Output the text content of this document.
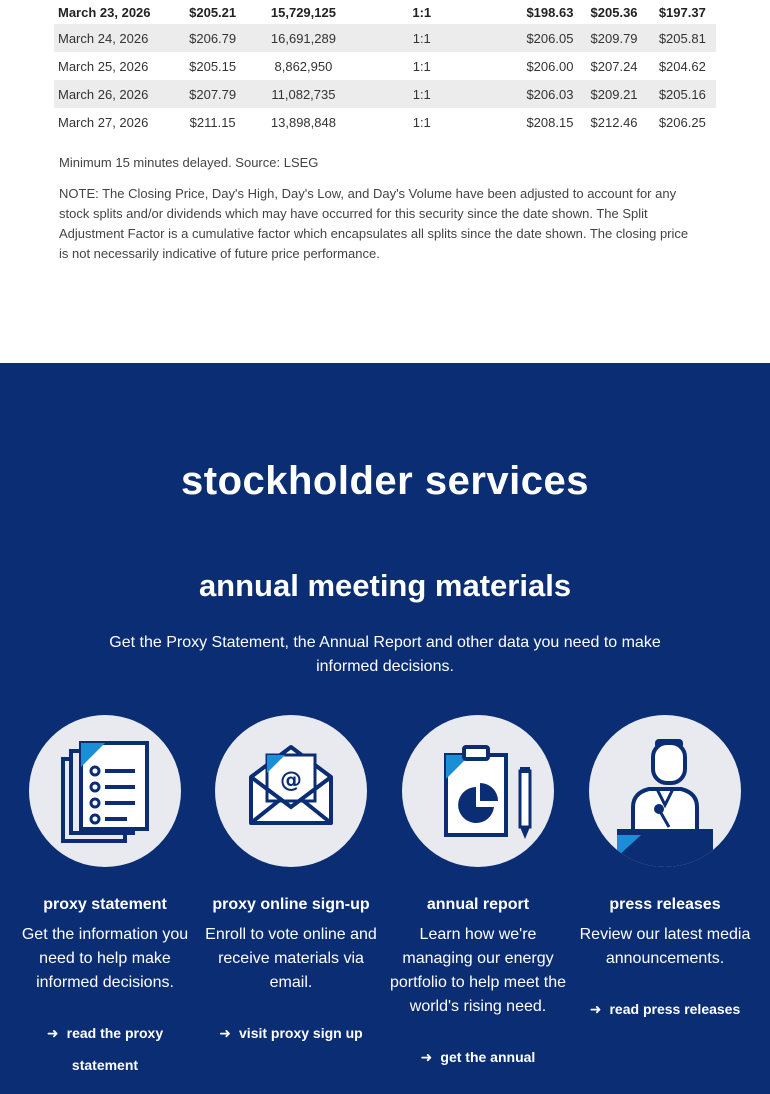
March 23, 2026	$205.21	15,729,125	1:1	$198.63	$205.36	$197.37
March 24, 2026	$206.79	16,691,289	1:1	$206.05	$209.79	$205.81
March 25, 2026	$205.15	8,862,950	1:1	$206.00	$207.24	$204.62
March 26, 2026	$207.79	11,082,735	1:1	$206.03	$209.21	$205.16
March 27, 2026	$211.15	13,898,848	1:1	$208.15	$212.46	$206.25
Minimum 15 minutes delayed. Source: LSEG
NOTE: The Closing Price, Day's High, Day's Low, and Day's Volume have been adjusted to account for any stock splits and/or dividends which may have occurred for this security since the date shown. The Split Adjustment Factor is a cumulative factor which encapsulates all splits since the date shown. The closing price is not necessarily indicative of future price performance.
stockholder services
annual meeting materials
Get the Proxy Statement, the Annual Report and other data you need to make informed decisions.
proxy statement
Get the information you need to help make informed decisions.
➜ read the proxy statement
@
proxy online sign-up
Enroll to vote online and receive materials via email.
➜ visit proxy sign up
annual report
Learn how we're managing our energy portfolio to help meet the world's rising need.
➜ get the annual
press releases
Review our latest media announcements.
➜ read press releases
